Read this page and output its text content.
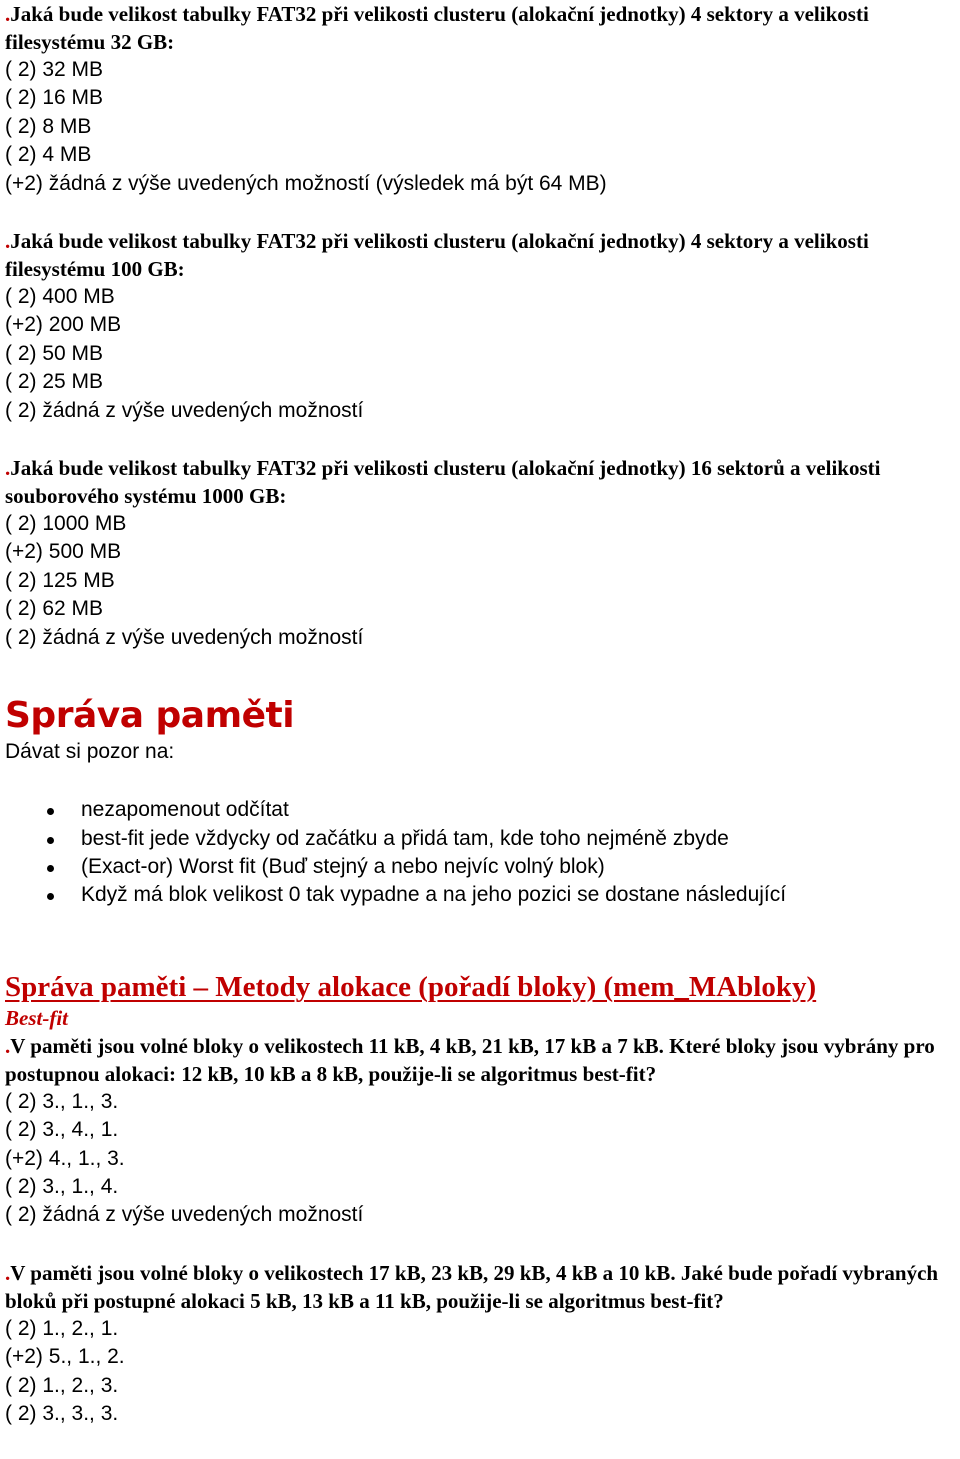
.Jaká bude velikost tabulky FAT32 při velikosti clusteru (alokační jednotky) 4 sektory a velikosti filesystému 32 GB:

( 2) 32 MB

( 2) 16 MB

( 2) 8 MB

( 2) 4 MB

(+2) žádná z výše uvedených možností (výsledek má být 64 MB)

.Jaká bude velikost tabulky FAT32 při velikosti clusteru (alokační jednotky) 4 sektory a velikosti filesystému 100 GB:

( 2) 400 MB

(+2) 200 MB

( 2) 50 MB

( 2) 25 MB

( 2) žádná z výše uvedených možností

.Jaká bude velikost tabulky FAT32 při velikosti clusteru (alokační jednotky) 16 sektorů a velikosti souborového systému 1000 GB:

( 2) 1000 MB

(+2) 500 MB

( 2) 125 MB

( 2) 62 MB

( 2) žádná z výše uvedených možností

Správa paměti

Dávat si pozor na:

nezapomenout odčítat
best-fit jede vždycky od začátku a přidá tam, kde toho nejméně zbyde
(Exact-or) Worst fit (Buď stejný a nebo nejvíc volný blok)
Když má blok velikost 0 tak vypadne a na jeho pozici se dostane následující
Správa paměti – Metody alokace (pořadí bloky) (mem_MAbloky)
Best-fit

.V paměti jsou volné bloky o velikostech 11 kB, 4 kB, 21 kB, 17 kB a 7 kB. Které bloky jsou vybrány pro postupnou alokaci: 12 kB, 10 kB a 8 kB, použije-li se algoritmus best-fit?

( 2) 3., 1., 3.

( 2) 3., 4., 1.

(+2) 4., 1., 3.

( 2) 3., 1., 4.

( 2) žádná z výše uvedených možností

.V paměti jsou volné bloky o velikostech 17 kB, 23 kB, 29 kB, 4 kB a 10 kB. Jaké bude pořadí vybraných bloků při postupné alokaci 5 kB, 13 kB a 11 kB, použije-li se algoritmus best-fit?

( 2) 1., 2., 1.

(+2) 5., 1., 2.

( 2) 1., 2., 3.

( 2) 3., 3., 3.
